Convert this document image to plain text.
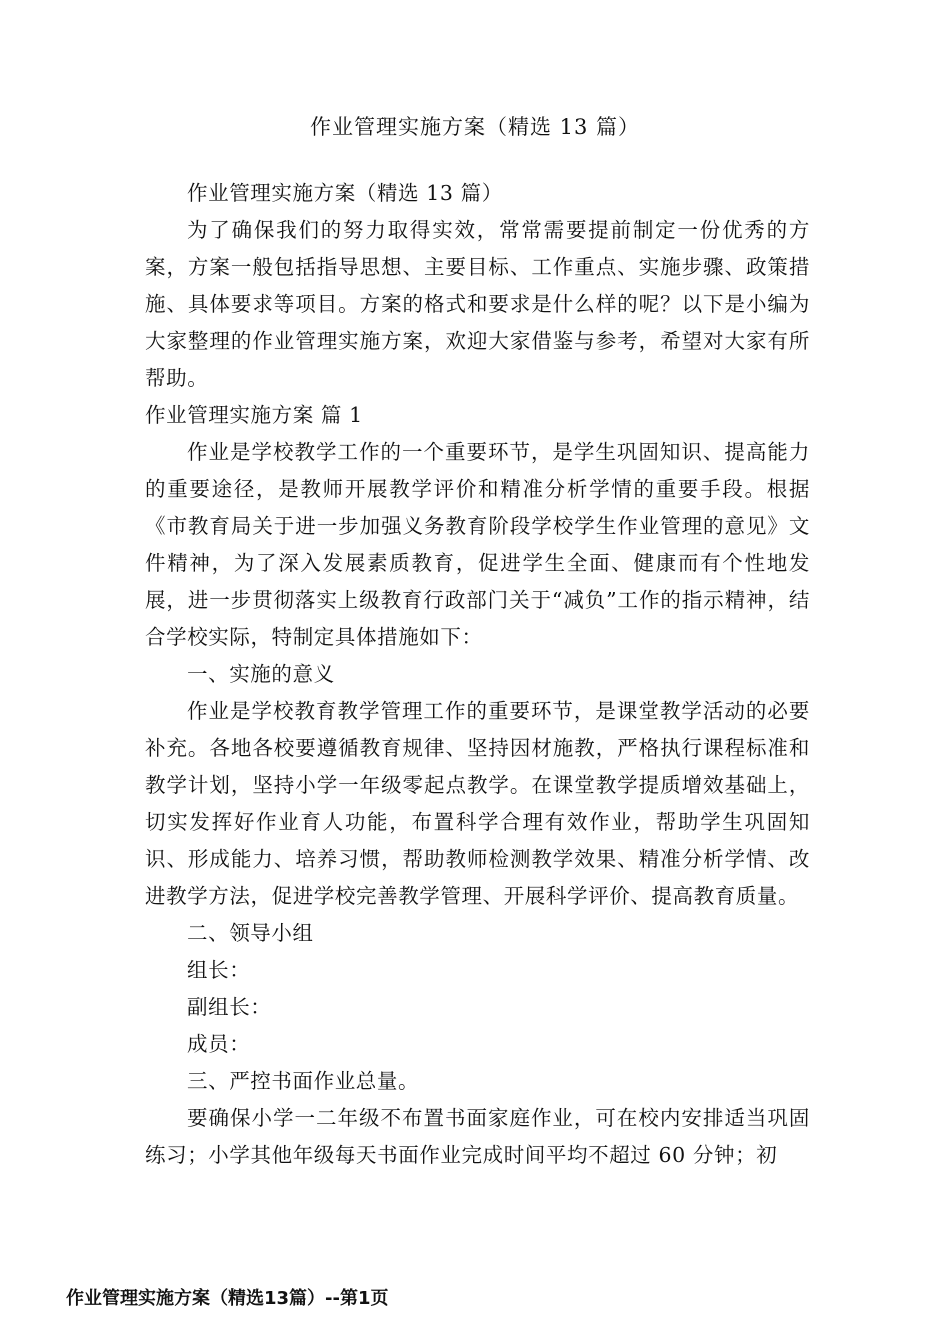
作业管理实施方案（精选 13 篇）

作业管理实施方案（精选 13 篇）

为了确保我们的努力取得实效，常常需要提前制定一份优秀的方案，方案一般包括指导思想、主要目标、工作重点、实施步骤、政策措施、具体要求等项目。方案的格式和要求是什么样的呢？以下是小编为大家整理的作业管理实施方案，欢迎大家借鉴与参考，希望对大家有所帮助。

作业管理实施方案 篇 1

作业是学校教学工作的一个重要环节，是学生巩固知识、提高能力的重要途径，是教师开展教学评价和精准分析学情的重要手段。根据《市教育局关于进一步加强义务教育阶段学校学生作业管理的意见》文件精神，为了深入发展素质教育，促进学生全面、健康而有个性地发展，进一步贯彻落实上级教育行政部门关于“减负”工作的指示精神，结合学校实际，特制定具体措施如下：

一、实施的意义

作业是学校教育教学管理工作的重要环节，是课堂教学活动的必要补充。各地各校要遵循教育规律、坚持因材施教，严格执行课程标准和教学计划，坚持小学一年级零起点教学。在课堂教学提质增效基础上，切实发挥好作业育人功能，布置科学合理有效作业，帮助学生巩固知识、形成能力、培养习惯，帮助教师检测教学效果、精准分析学情、改进教学方法，促进学校完善教学管理、开展科学评价、提高教育质量。

二、领导小组

组长：

副组长：

成员：

三、严控书面作业总量。

要确保小学一二年级不布置书面家庭作业，可在校内安排适当巩固练习；小学其他年级每天书面作业完成时间平均不超过 60 分钟；初

作业管理实施方案（精选13篇）--第1页
